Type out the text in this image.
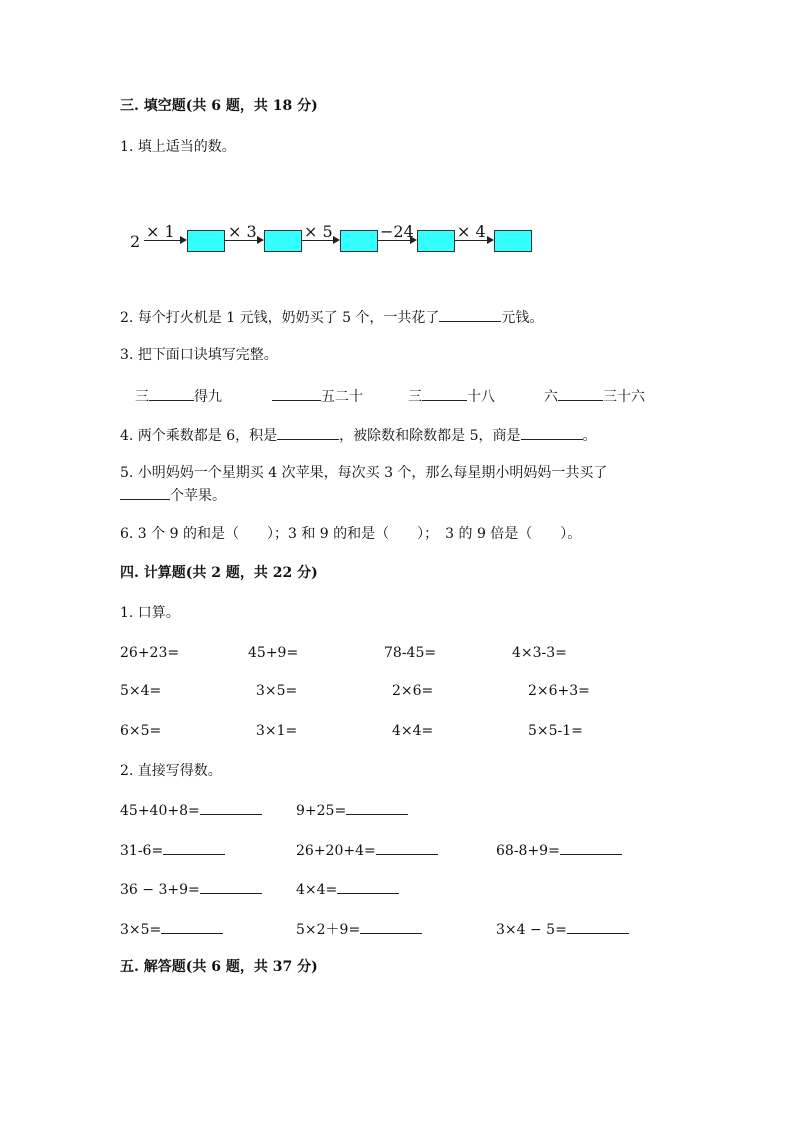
三. 填空题(共 6 题，共 18 分)
1. 填上适当的数。
2
× 1	× 3	× 5	−24	× 4
2. 每个打火机是 1 元钱，奶奶买了 5 个，一共花了	元钱。
3. 把下面口诀填写完整。
三	得九	五二十	三	十八	六	三十六
4. 两个乘数都是 6，积是	，被除数和除数都是 5，商是	。
5. 小明妈妈一个星期买 4 次苹果，每次买 3 个，那么每星期小明妈妈一共买了
个苹果。
6. 3 个 9 的和是（　　）；3 和 9 的和是（　　）；　3 的 9 倍是（　　）。
四. 计算题(共 2 题，共 22 分)
1. 口算。
26+23=	45+9=	78-45=	4×3-3=
5×4=	3×5=	2×6=	2×6+3=
6×5=	3×1=	4×4=	5×5-1=
2. 直接写得数。
45+40+8=	9+25=
31-6=	26+20+4=	68-8+9=
36 − 3+9=	4×4=
3×5=	5×2＋9=	3×4 − 5=
五. 解答题(共 6 题，共 37 分)
